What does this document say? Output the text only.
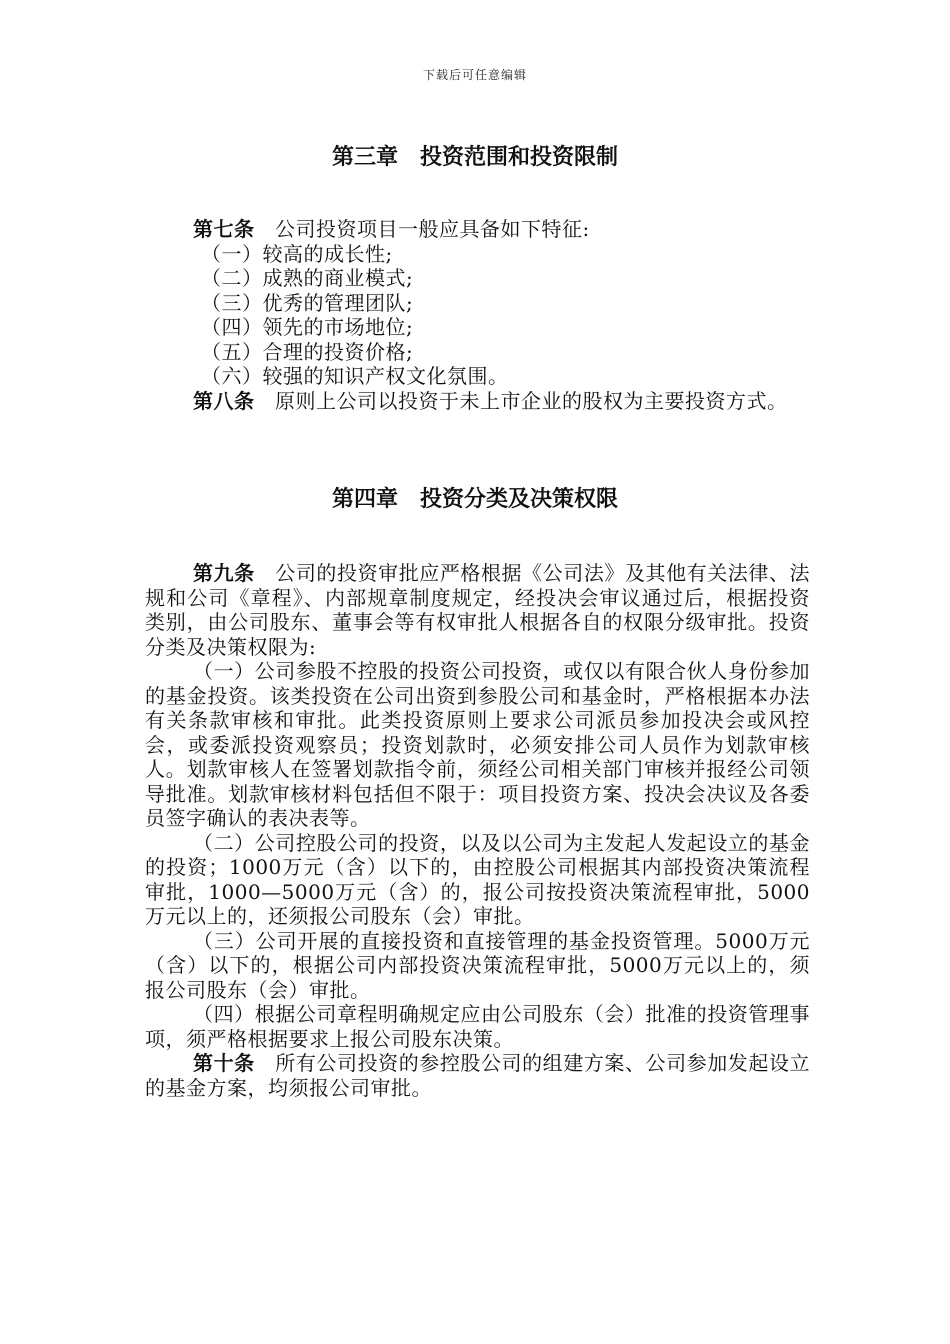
下载后可任意编辑
第三章　投资范围和投资限制

第七条　公司投资项目一般应具备如下特征:

（一）较高的成长性;

（二）成熟的商业模式;

（三）优秀的管理团队;

（四）领先的市场地位;

（五）合理的投资价格;

（六）较强的知识产权文化氛围。

第八条　原则上公司以投资于未上市企业的股权为主要投资方式。

第四章　投资分类及决策权限

第九条　公司的投资审批应严格根据《公司法》及其他有关法律、法规和公司《章程》、内部规章制度规定，经投决会审议通过后，根据投资类别，由公司股东、董事会等有权审批人根据各自的权限分级审批。投资分类及决策权限为:

（一）公司参股不控股的投资公司投资，或仅以有限合伙人身份参加的基金投资。该类投资在公司出资到参股公司和基金时，严格根据本办法有关条款审核和审批。此类投资原则上要求公司派员参加投决会或风控会，或委派投资观察员；投资划款时，必须安排公司人员作为划款审核人。划款审核人在签署划款指令前，须经公司相关部门审核并报经公司领导批准。划款审核材料包括但不限于：项目投资方案、投决会决议及各委员签字确认的表决表等。

（二）公司控股公司的投资，以及以公司为主发起人发起设立的基金的投资；1000万元（含）以下的，由控股公司根据其内部投资决策流程审批，1000—5000万元（含）的，报公司按投资决策流程审批，5000万元以上的，还须报公司股东（会）审批。

（三）公司开展的直接投资和直接管理的基金投资管理。5000万元（含）以下的，根据公司内部投资决策流程审批，5000万元以上的，须报公司股东（会）审批。

（四）根据公司章程明确规定应由公司股东（会）批准的投资管理事项，须严格根据要求上报公司股东决策。

第十条　所有公司投资的参控股公司的组建方案、公司参加发起设立的基金方案，均须报公司审批。
